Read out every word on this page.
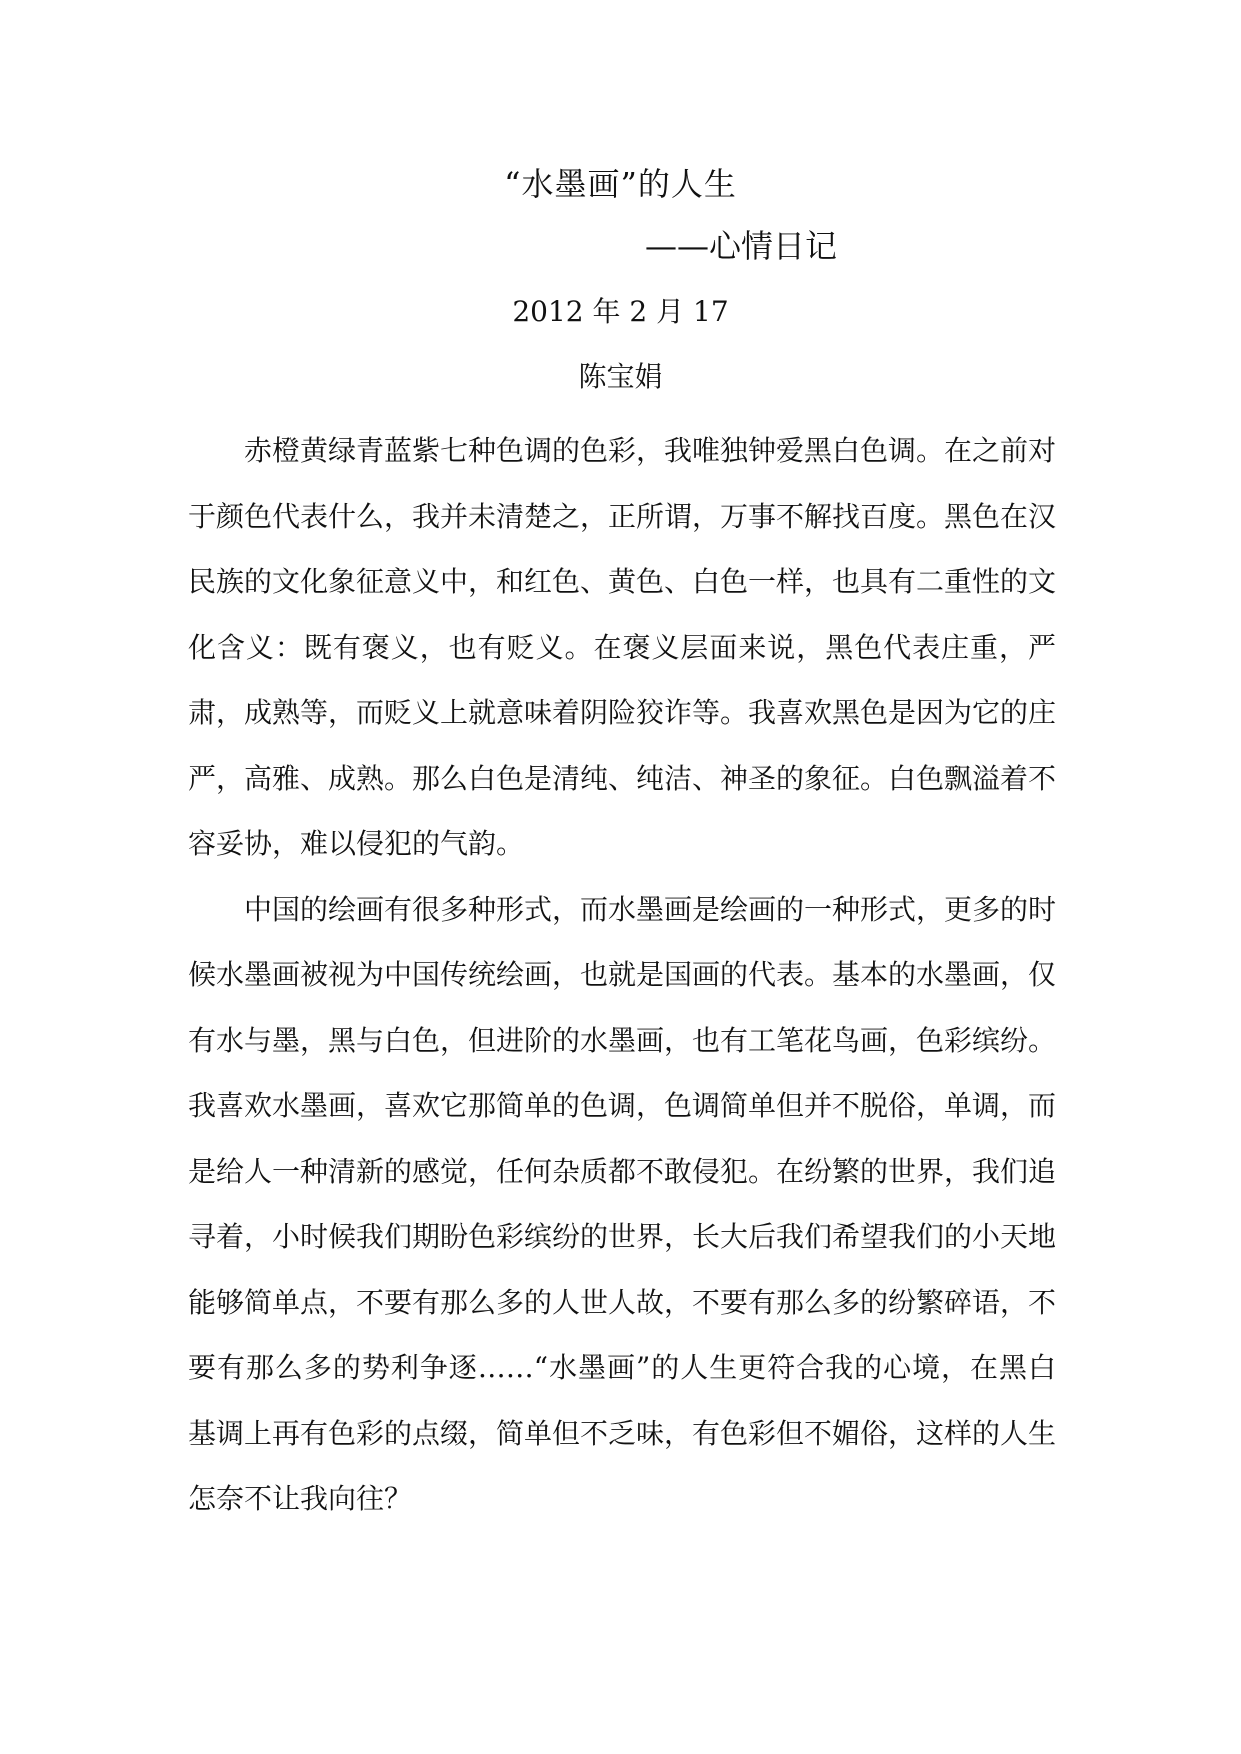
“水墨画”的人生
——心情日记
2012 年 2 月 17
陈宝娟

赤橙黄绿青蓝紫七种色调的色彩，我唯独钟爱黑白色调。在之前对于颜色代表什么，我并未清楚之，正所谓，万事不解找百度。黑色在汉民族的文化象征意义中，和红色、黄色、白色一样，也具有二重性的文化含义：既有褒义，也有贬义。在褒义层面来说，黑色代表庄重，严肃，成熟等，而贬义上就意味着阴险狡诈等。我喜欢黑色是因为它的庄严，高雅、成熟。那么白色是清纯、纯洁、神圣的象征。白色飘溢着不容妥协，难以侵犯的气韵。

中国的绘画有很多种形式，而水墨画是绘画的一种形式，更多的时候水墨画被视为中国传统绘画，也就是国画的代表。基本的水墨画，仅有水与墨，黑与白色，但进阶的水墨画，也有工笔花鸟画，色彩缤纷。我喜欢水墨画，喜欢它那简单的色调，色调简单但并不脱俗，单调，而是给人一种清新的感觉，任何杂质都不敢侵犯。在纷繁的世界，我们追寻着，小时候我们期盼色彩缤纷的世界，长大后我们希望我们的小天地能够简单点，不要有那么多的人世人故，不要有那么多的纷繁碎语，不要有那么多的势利争逐……“水墨画”的人生更符合我的心境，在黑白基调上再有色彩的点缀，简单但不乏味，有色彩但不媚俗，这样的人生怎奈不让我向往？
